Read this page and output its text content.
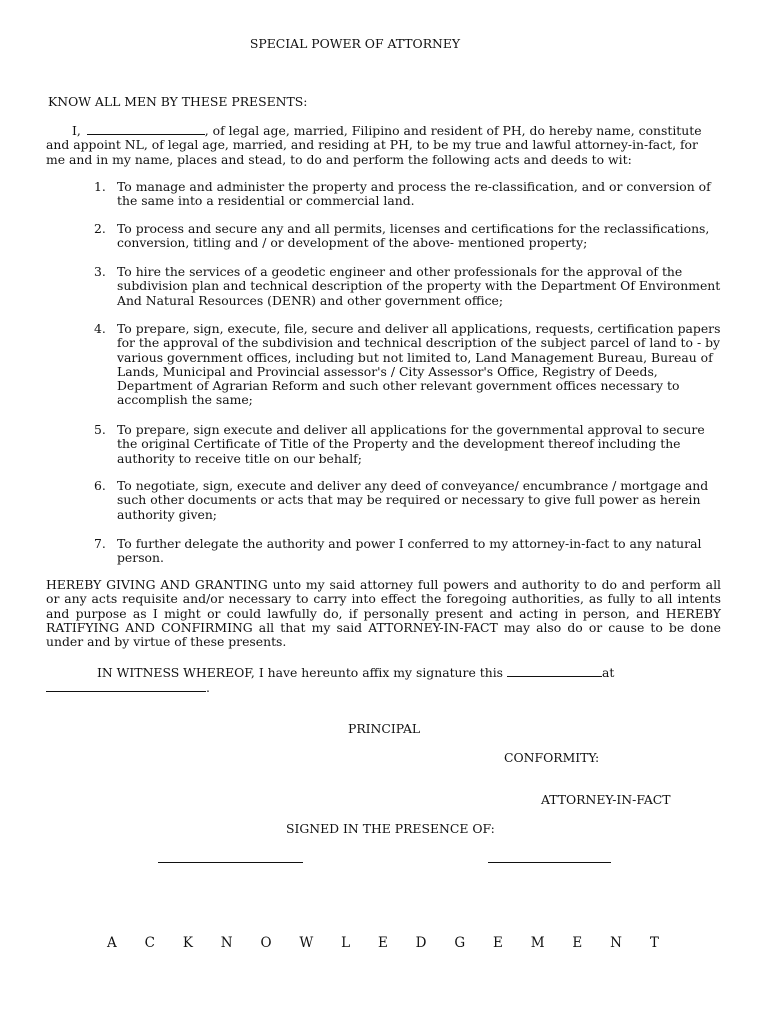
SPECIAL POWER OF ATTORNEY
KNOW ALL MEN BY THESE PRESENTS:
I,	, of legal age, married, Filipino and resident of PH, do hereby name, constitute and appoint NL, of legal age, married, and residing at PH, to be my true and lawful attorney-in-fact, for me and in my name, places and stead, to do and perform the following acts and deeds to wit:
1. To manage and administer the property and process the re-classification, and or conversion of the same into a residential or commercial land.
2. To process and secure any and all permits, licenses and certifications for the reclassifications, conversion, titling and / or development of the above- mentioned property;
3. To hire the services of a geodetic engineer and other professionals for the approval of the subdivision plan and technical description of the property with the Department Of Environment And Natural Resources (DENR) and other government office;
4. To prepare, sign, execute, file, secure and deliver all applications, requests, certification papers for the approval of the subdivision and technical description of the subject parcel of land to - by various government offices, including but not limited to, Land Management Bureau, Bureau of Lands, Municipal and Provincial assessor's / City Assessor's Office, Registry of Deeds, Department of Agrarian Reform and such other relevant government offices necessary to accomplish the same;
5. To prepare, sign execute and deliver all applications for the governmental approval to secure the original Certificate of Title of the Property and the development thereof including the authority to receive title on our behalf;
6. To negotiate, sign, execute and deliver any deed of conveyance/ encumbrance / mortgage and such other documents or acts that may be required or necessary to give full power as herein authority given;
7. To further delegate the authority and power I conferred to my attorney-in-fact to any natural person.
HEREBY GIVING AND GRANTING unto my said attorney full powers and authority to do and perform all or any acts requisite and/or necessary to carry into effect the foregoing authorities, as fully to all intents and purpose as I might or could lawfully do, if personally present and acting in person, and HEREBY RATIFYING AND CONFIRMING all that my said ATTORNEY-IN-FACT may also do or cause to be done under and by virtue of these presents.
IN WITNESS WHEREOF, I have hereunto affix my signature this	at
.
PRINCIPAL
CONFORMITY:
ATTORNEY-IN-FACT
SIGNED IN THE PRESENCE OF:
A C K N O W L E D G E M E N T
